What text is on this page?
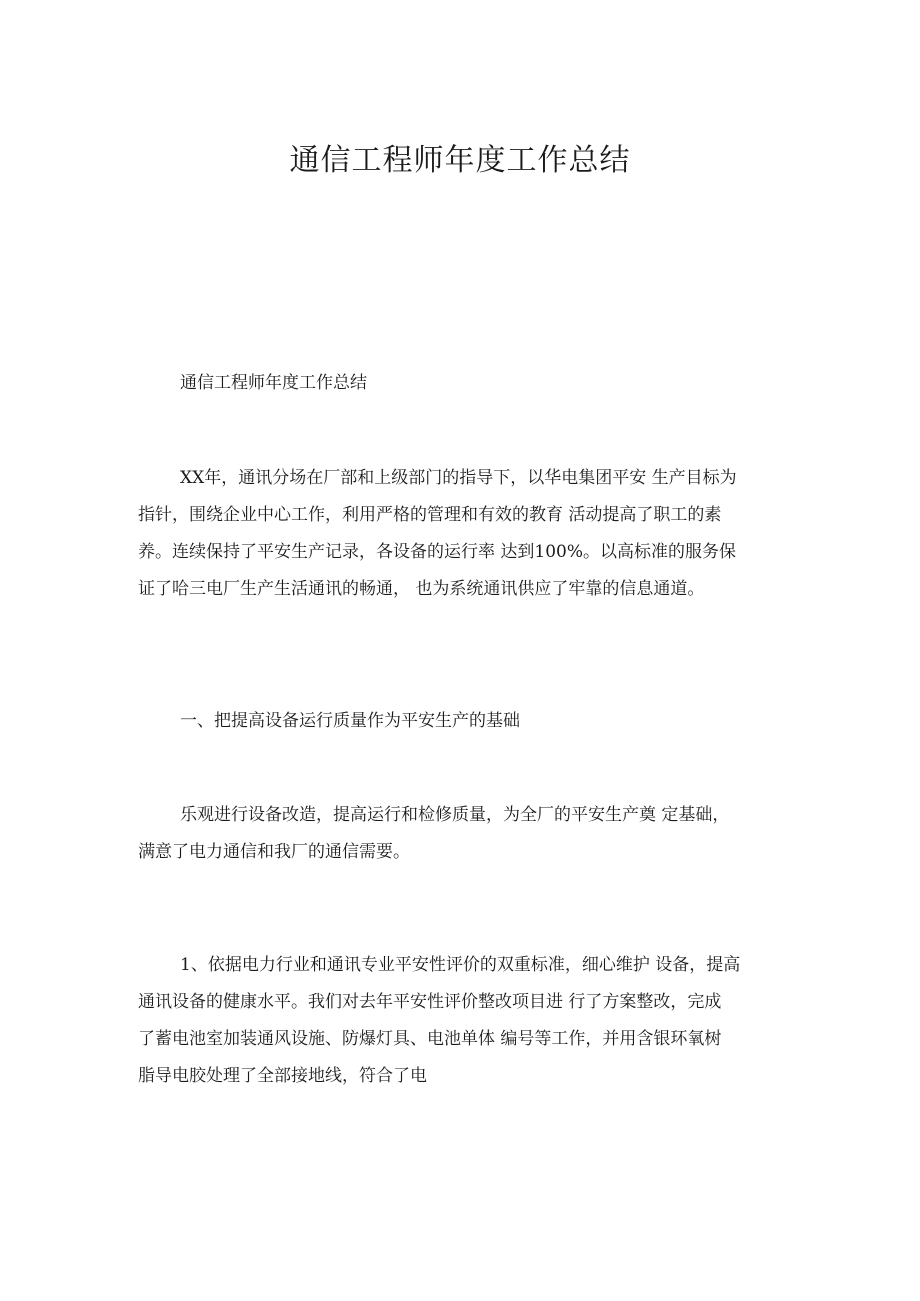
通信工程师年度工作总结

通信工程师年度工作总结

XX年，通讯分场在厂部和上级部门的指导下，以华电集团平安 生产目标为
指针，围绕企业中心工作，利用严格的管理和有效的教育 活动提高了职工的素
养。连续保持了平安生产记录，各设备的运行率 达到100%。以高标准的服务保
证了哈三电厂生产生活通讯的畅通， 也为系统通讯供应了牢靠的信息通道。

一、把提高设备运行质量作为平安生产的基础

乐观进行设备改造，提高运行和检修质量，为全厂的平安生产奠 定基础，
满意了电力通信和我厂的通信需要。

1、依据电力行业和通讯专业平安性评价的双重标准，细心维护 设备，提高
通讯设备的健康水平。我们对去年平安性评价整改项目进 行了方案整改，完成
了蓄电池室加装通风设施、防爆灯具、电池单体 编号等工作，并用含银环氧树
脂导电胶处理了全部接地线，符合了电
